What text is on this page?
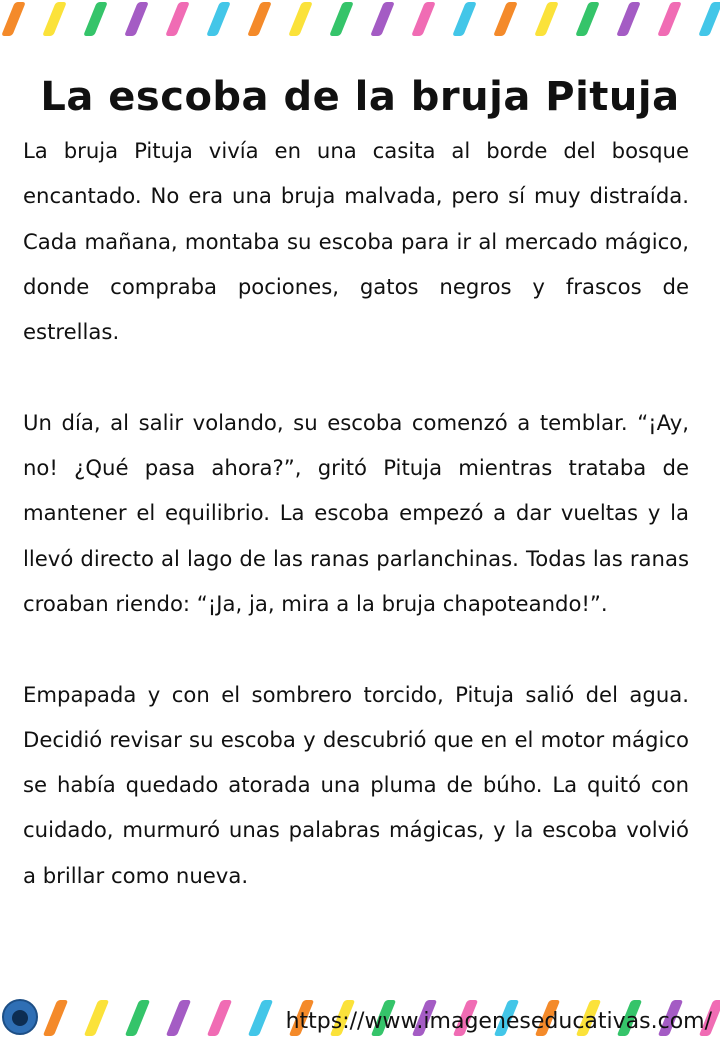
La escoba de la bruja Pituja

La bruja Pituja vivía en una casita al borde del bosque encantado. No era una bruja malvada, pero sí muy distraída. Cada mañana, montaba su escoba para ir al mercado mágico, donde compraba pociones, gatos negros y frascos de estrellas.

Un día, al salir volando, su escoba comenzó a temblar. “¡Ay, no! ¿Qué pasa ahora?”, gritó Pituja mientras trataba de mantener el equilibrio. La escoba empezó a dar vueltas y la llevó directo al lago de las ranas parlanchinas. Todas las ranas croaban riendo: “¡Ja, ja, mira a la bruja chapoteando!”.

Empapada y con el sombrero torcido, Pituja salió del agua. Decidió revisar su escoba y descubrió que en el motor mágico se había quedado atorada una pluma de búho. La quitó con cuidado, murmuró unas palabras mágicas, y la escoba volvió a brillar como nueva.

https://www.imageneseducativas.com/
